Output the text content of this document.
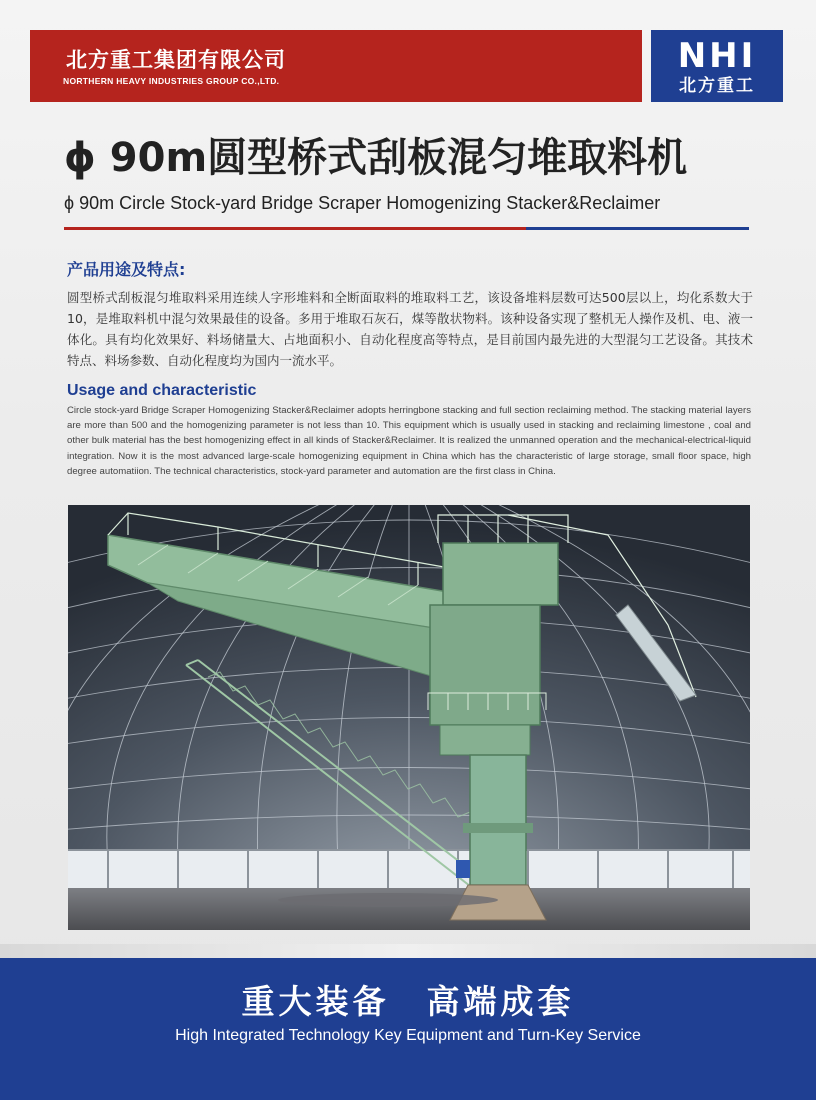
北方重工集团有限公司
NORTHERN HEAVY INDUSTRIES GROUP CO.,LTD.
NHI
北方重工
ϕ 90m圆型桥式刮板混匀堆取料机
ϕ 90m Circle Stock-yard Bridge Scraper Homogenizing Stacker&Reclaimer
产品用途及特点:

圆型桥式刮板混匀堆取料采用连续人字形堆料和全断面取料的堆取料工艺，该设备堆料层数可达500层以上，均化系数大于10，是堆取料机中混匀效果最佳的设备。多用于堆取石灰石，煤等散状物料。该种设备实现了整机无人操作及机、电、液一体化。具有均化效果好、料场储量大、占地面积小、自动化程度高等特点，是目前国内最先进的大型混匀工艺设备。其技术特点、料场参数、自动化程度均为国内一流水平。

Usage and characteristic

Circle stock-yard Bridge Scraper Homogenizing Stacker&Reclaimer adopts herringbone stacking and full section reclaiming method. The stacking material layers are more than 500 and the homogenizing parameter is not less than 10. This equipment which is usually used in stacking and reclaiming limestone , coal and other bulk material has the best homogenizing effect in all kinds of Stacker&Reclaimer. It is realized the unmanned operation and the mechanical-electrical-liquid integration. Now it is the most advanced large-scale homogenizing equipment in China which has the characteristic of large storage, small floor space, high degree automatiion. The technical characteristics, stock-yard parameter and automation are the first class in China.

重大装备　高端成套
High Integrated Technology Key Equipment and Turn-Key Service
